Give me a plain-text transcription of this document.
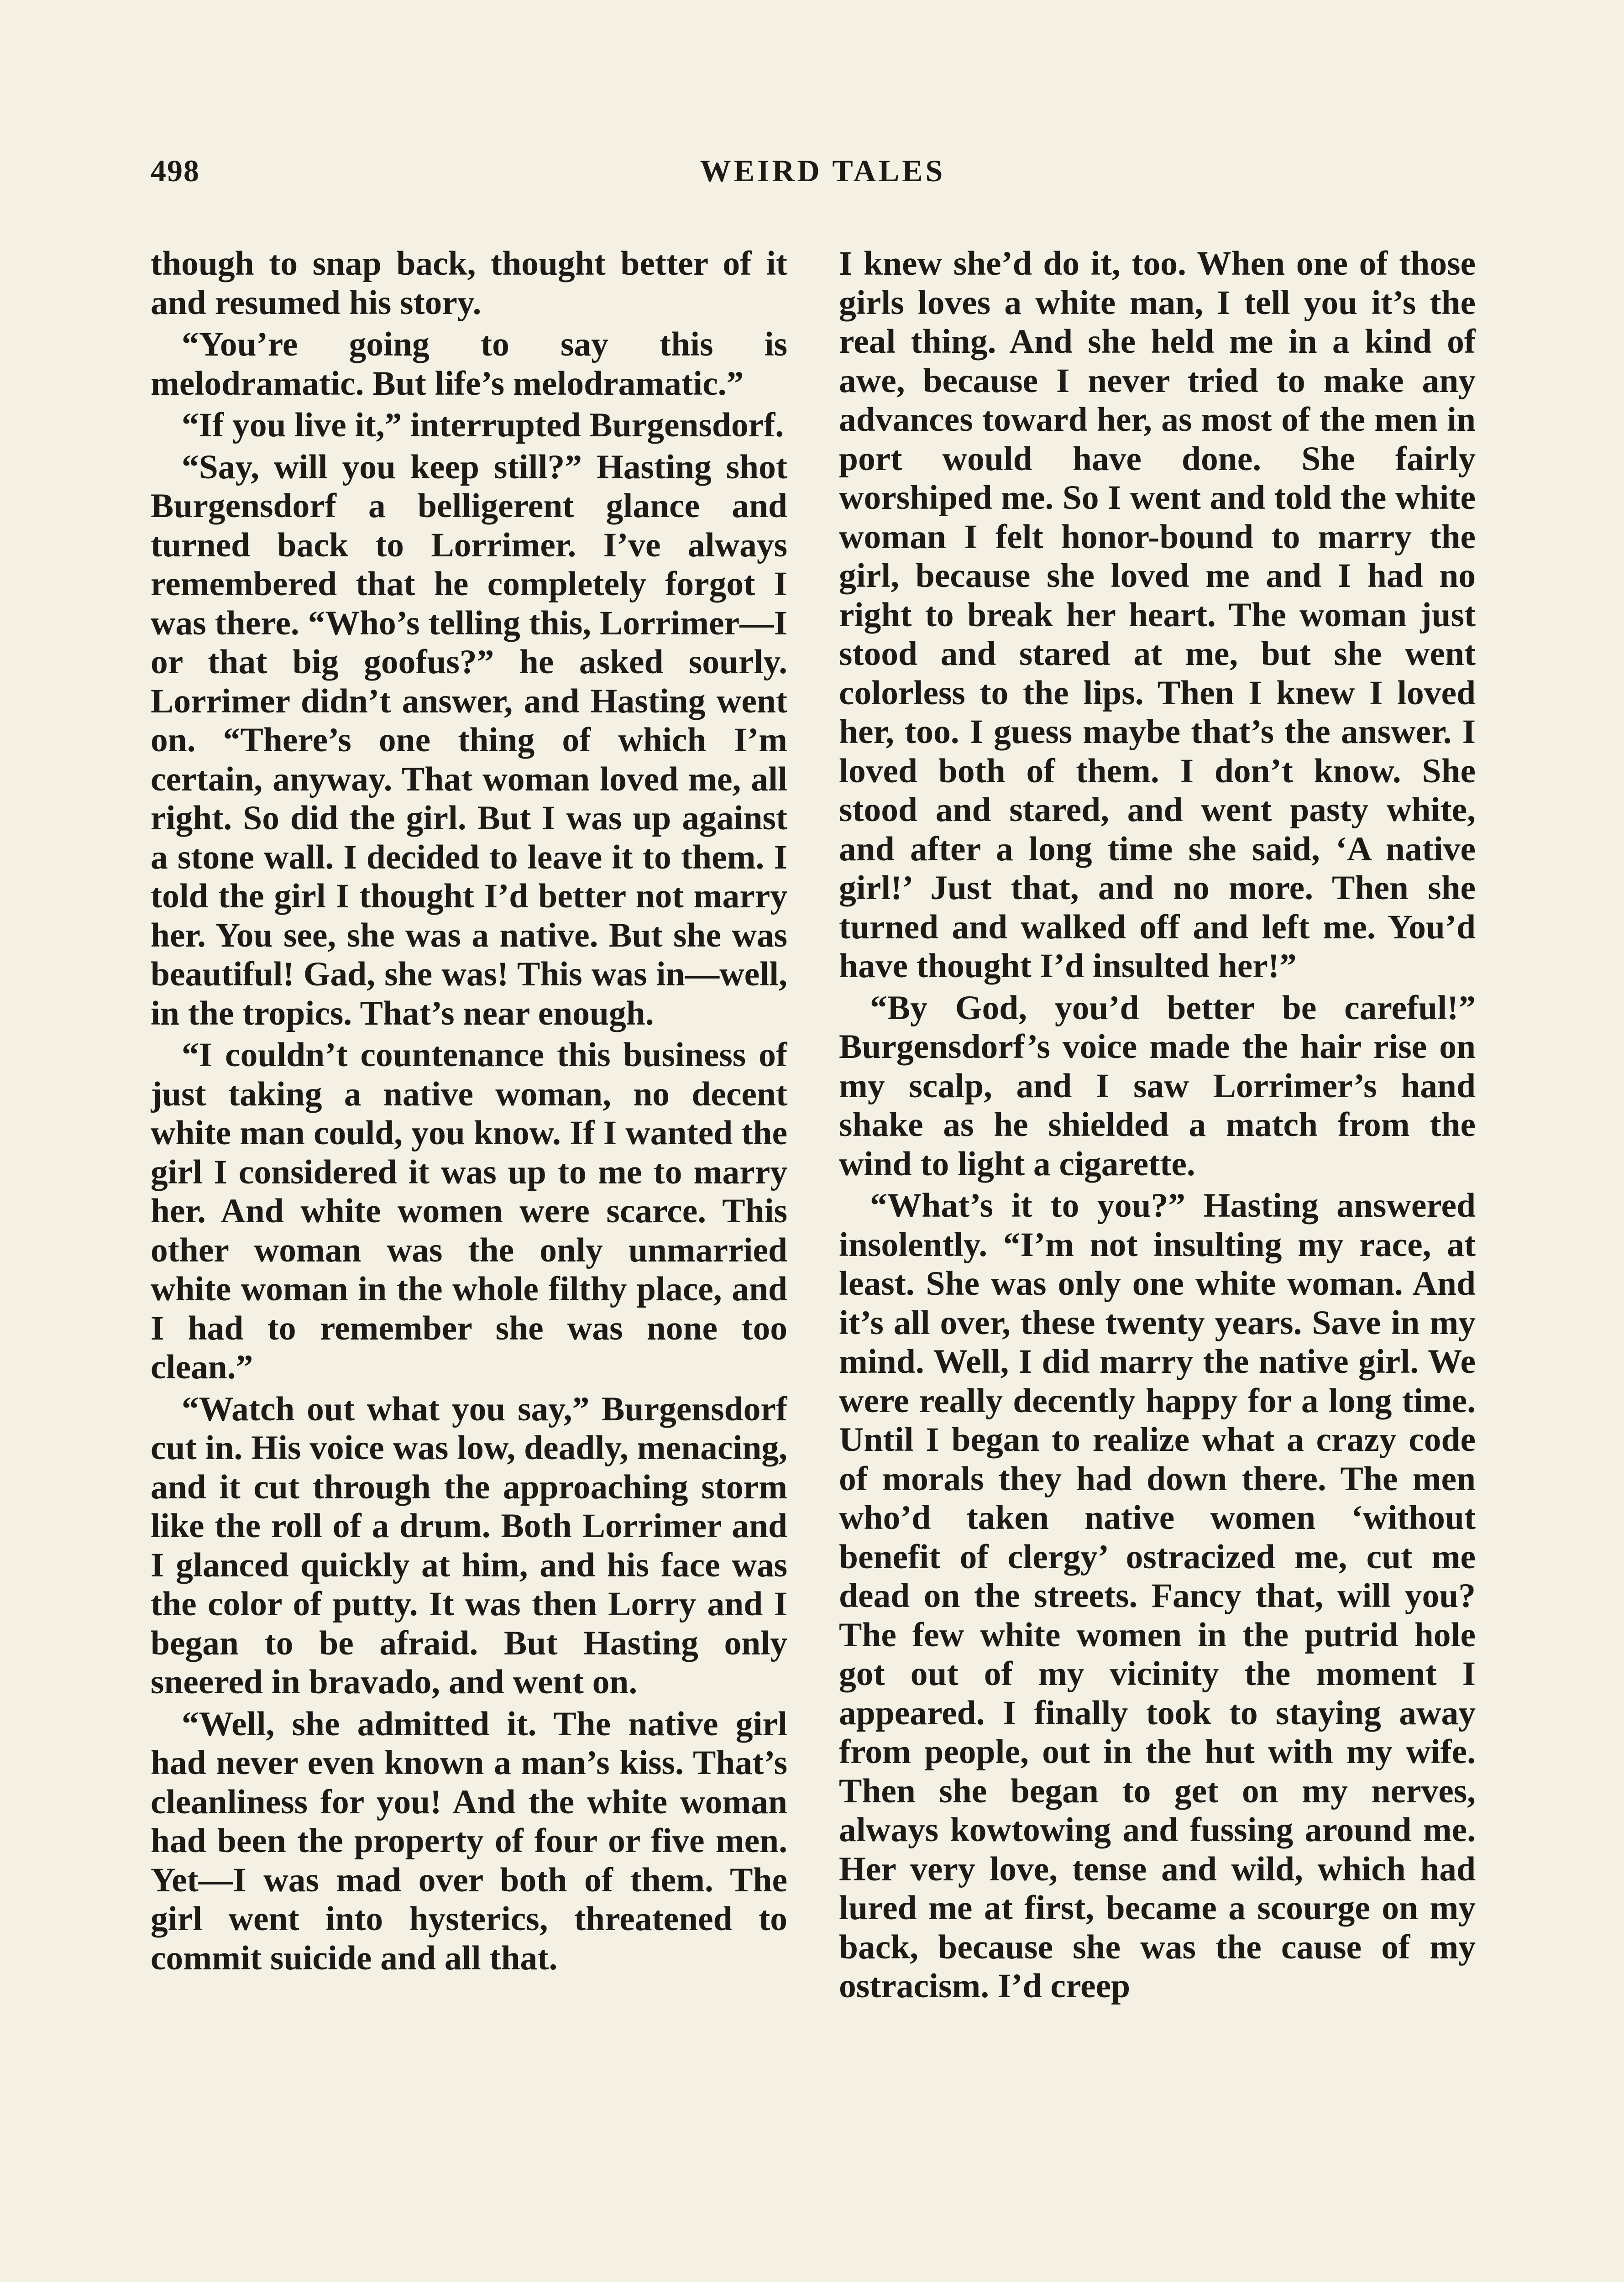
498	WEIRD TALES

though to snap back, thought better of it and resumed his story.

“You’re going to say this is melodramatic. But life’s melodramatic.”

“If you live it,” interrupted Burgensdorf.

“Say, will you keep still?” Hasting shot Burgensdorf a belligerent glance and turned back to Lorrimer. I’ve always remembered that he completely forgot I was there. “Who’s telling this, Lorrimer—I or that big goofus?” he asked sourly. Lorrimer didn’t answer, and Hasting went on. “There’s one thing of which I’m certain, anyway. That woman loved me, all right. So did the girl. But I was up against a stone wall. I decided to leave it to them. I told the girl I thought I’d better not marry her. You see, she was a native. But she was beautiful! Gad, she was! This was in—well, in the tropics. That’s near enough.

“I couldn’t countenance this business of just taking a native woman, no decent white man could, you know. If I wanted the girl I considered it was up to me to marry her. And white women were scarce. This other woman was the only unmarried white woman in the whole filthy place, and I had to remember she was none too clean.”

“Watch out what you say,” Burgensdorf cut in. His voice was low, deadly, menacing, and it cut through the approaching storm like the roll of a drum. Both Lorrimer and I glanced quickly at him, and his face was the color of putty. It was then Lorry and I began to be afraid. But Hasting only sneered in bravado, and went on.

“Well, she admitted it. The native girl had never even known a man’s kiss. That’s cleanliness for you! And the white woman had been the property of four or five men. Yet—I was mad over both of them. The girl went into hysterics, threatened to commit suicide and all that.

I knew she’d do it, too. When one of those girls loves a white man, I tell you it’s the real thing. And she held me in a kind of awe, because I never tried to make any advances toward her, as most of the men in port would have done. She fairly worshiped me. So I went and told the white woman I felt honor-bound to marry the girl, because she loved me and I had no right to break her heart. The woman just stood and stared at me, but she went colorless to the lips. Then I knew I loved her, too. I guess maybe that’s the answer. I loved both of them. I don’t know. She stood and stared, and went pasty white, and after a long time she said, ‘A native girl!’ Just that, and no more. Then she turned and walked off and left me. You’d have thought I’d insulted her!”

“By God, you’d better be careful!” Burgensdorf’s voice made the hair rise on my scalp, and I saw Lorrimer’s hand shake as he shielded a match from the wind to light a cigarette.

“What’s it to you?” Hasting answered insolently. “I’m not insulting my race, at least. She was only one white woman. And it’s all over, these twenty years. Save in my mind. Well, I did marry the native girl. We were really decently happy for a long time. Until I began to realize what a crazy code of morals they had down there. The men who’d taken native women ‘without benefit of clergy’ ostracized me, cut me dead on the streets. Fancy that, will you? The few white women in the putrid hole got out of my vicinity the moment I appeared. I finally took to staying away from people, out in the hut with my wife. Then she began to get on my nerves, always kowtowing and fussing around me. Her very love, tense and wild, which had lured me at first, became a scourge on my back, because she was the cause of my ostracism. I’d creep
